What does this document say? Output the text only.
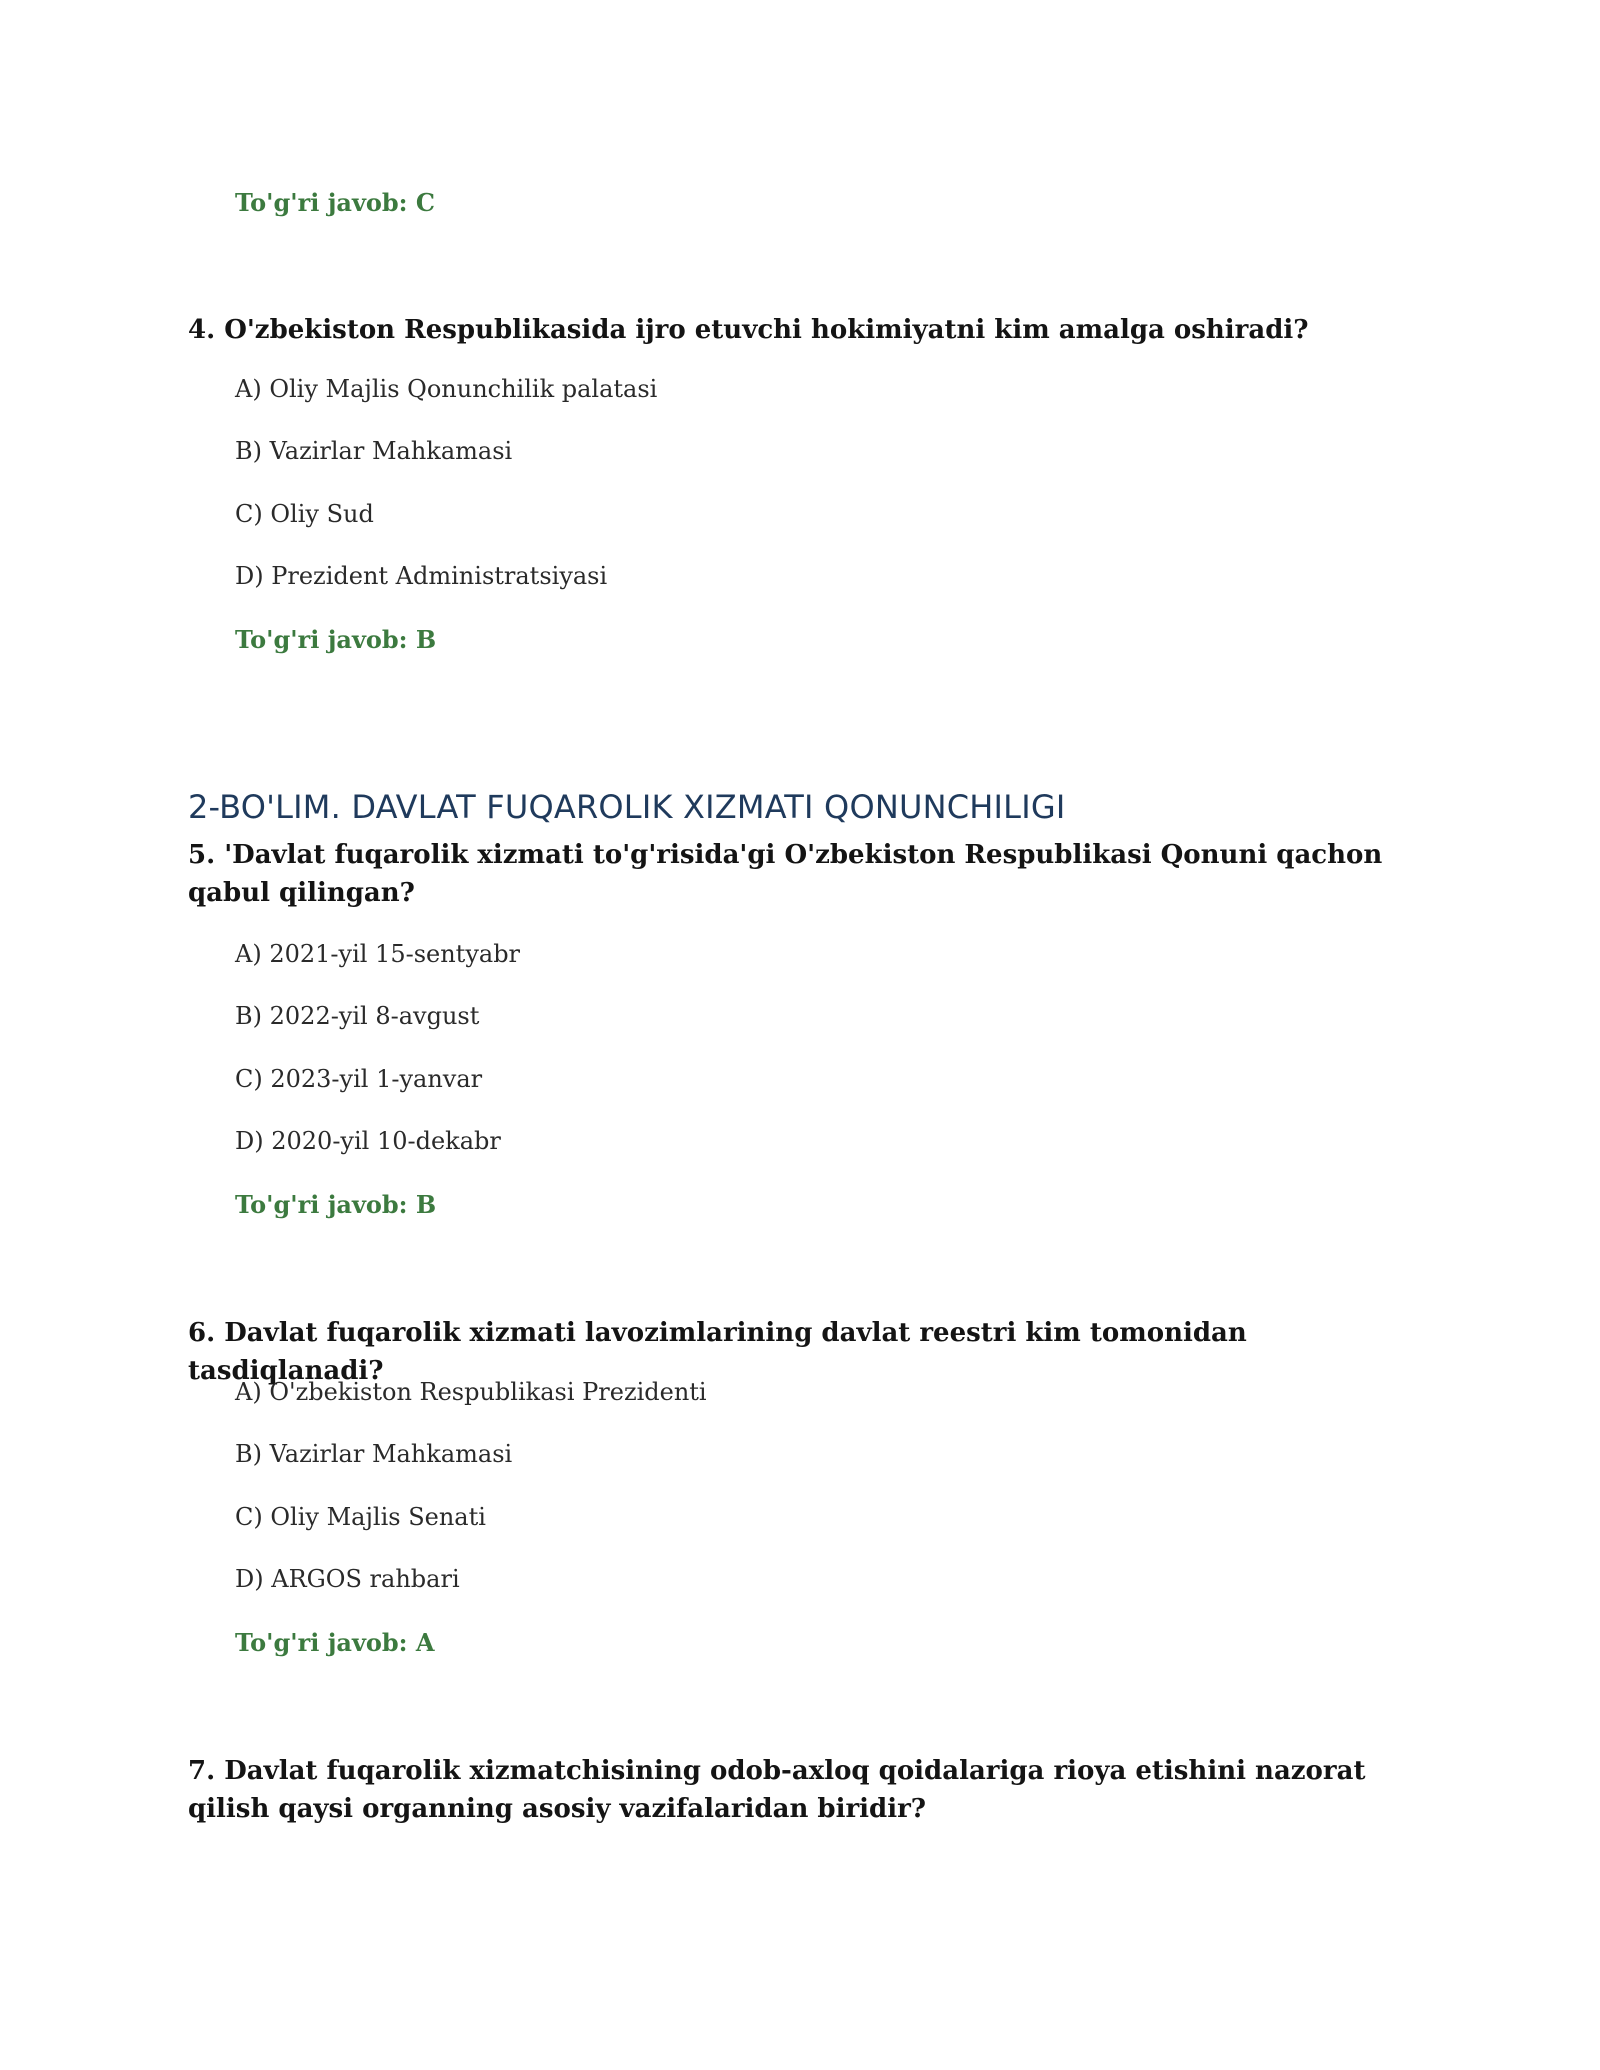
To'g'ri javob: C
4. O'zbekiston Respublikasida ijro etuvchi hokimiyatni kim amalga oshiradi?
A) Oliy Majlis Qonunchilik palatasi
B) Vazirlar Mahkamasi
C) Oliy Sud
D) Prezident Administratsiyasi
To'g'ri javob: B
2-BO'LIM. DAVLAT FUQAROLIK XIZMATI QONUNCHILIGI
5. 'Davlat fuqarolik xizmati to'g'risida'gi O'zbekiston Respublikasi Qonuni qachon qabul qilingan?
A) 2021-yil 15-sentyabr
B) 2022-yil 8-avgust
C) 2023-yil 1-yanvar
D) 2020-yil 10-dekabr
To'g'ri javob: B
6. Davlat fuqarolik xizmati lavozimlarining davlat reestri kim tomonidan tasdiqlanadi?
A) O'zbekiston Respublikasi Prezidenti
B) Vazirlar Mahkamasi
C) Oliy Majlis Senati
D) ARGOS rahbari
To'g'ri javob: A
7. Davlat fuqarolik xizmatchisining odob-axloq qoidalariga rioya etishini nazorat qilish qaysi organning asosiy vazifalaridan biridir?
